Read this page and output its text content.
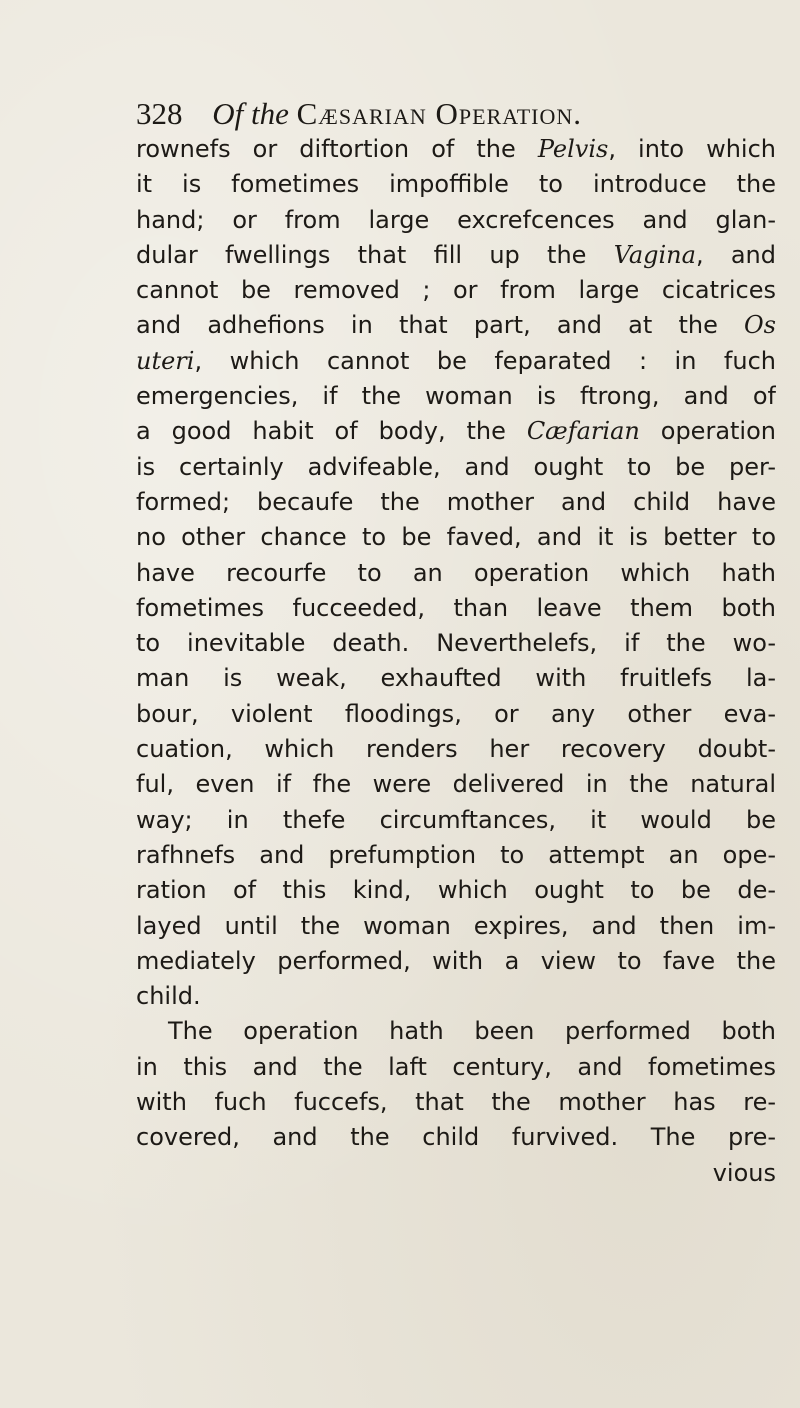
328 Of the Cæsarian Operation.
rownefs or diftortion of the Pelvis, into which
it is fometimes impoffible to introduce the
hand; or from large excrefcences and glan-
dular fwellings that fill up the Vagina, and
cannot be removed ; or from large cicatrices
and adhefions in that part, and at the Os
uteri, which cannot be feparated : in fuch
emergencies, if the woman is ftrong, and of
a good habit of body, the Cæfarian operation
is certainly advifeable, and ought to be per-
formed; becaufe the mother and child have
no other chance to be faved, and it is better to
have recourfe to an operation which hath
fometimes fucceeded, than leave them both
to inevitable death. Neverthelefs, if the wo-
man is weak, exhaufted with fruitlefs la-
bour, violent floodings, or any other eva-
cuation, which renders her recovery doubt-
ful, even if fhe were delivered in the natural
way; in thefe circumftances, it would be
rafhnefs and prefumption to attempt an ope-
ration of this kind, which ought to be de-
layed until the woman expires, and then im-
mediately performed, with a view to fave the
child.
The operation hath been performed both
in this and the laft century, and fometimes
with fuch fuccefs, that the mother has re-
covered, and the child furvived. The pre-
vious
